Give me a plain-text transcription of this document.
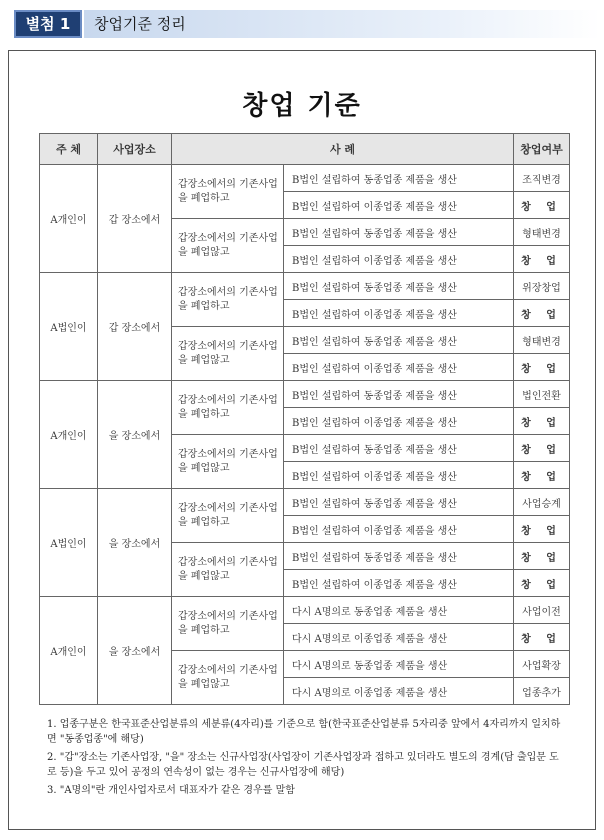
별첨 1	창업기준 정리
창업 기준
주 체	사업장소	사 례		창업여부
A개인이	갑 장소에서	갑장소에서의 기존사업을 폐업하고	B법인 설립하여 동종업종 제품을 생산	조직변경
			B법인 설립하여 이종업종 제품을 생산	창 업
		갑장소에서의 기존사업을 폐업않고	B법인 설립하여 동종업종 제품을 생산	형태변경
			B법인 설립하여 이종업종 제품을 생산	창 업
A법인이	갑 장소에서	갑장소에서의 기존사업을 폐업하고	B법인 설립하여 동종업종 제품을 생산	위장창업
			B법인 설립하여 이종업종 제품을 생산	창 업
		갑장소에서의 기존사업을 폐업않고	B법인 설립하여 동종업종 제품을 생산	형태변경
			B법인 설립하여 이종업종 제품을 생산	창 업
A개인이	을 장소에서	갑장소에서의 기존사업을 폐업하고	B법인 설립하여 동종업종 제품을 생산	법인전환
			B법인 설립하여 이종업종 제품을 생산	창 업
		갑장소에서의 기존사업을 폐업않고	B법인 설립하여 동종업종 제품을 생산	창 업
			B법인 설립하여 이종업종 제품을 생산	창 업
A법인이	을 장소에서	갑장소에서의 기존사업을 폐업하고	B법인 설립하여 동종업종 제품을 생산	사업승계
			B법인 설립하여 이종업종 제품을 생산	창 업
		갑장소에서의 기존사업을 폐업않고	B법인 설립하여 동종업종 제품을 생산	창 업
			B법인 설립하여 이종업종 제품을 생산	창 업
A개인이	을 장소에서	갑장소에서의 기존사업을 폐업하고	다시 A명의로 동종업종 제품을 생산	사업이전
			다시 A명의로 이종업종 제품을 생산	창 업
		갑장소에서의 기존사업을 폐업않고	다시 A명의로 동종업종 제품을 생산	사업확장
			다시 A명의로 이종업종 제품을 생산	업종추가
1. 업종구분은 한국표준산업분류의 세분류(4자리)를 기준으로 함(한국표준산업분류 5자리중 앞에서 4자리까지 일치하면 "동종업종"에 해당)
2. "갑"장소는 기존사업장, "을" 장소는 신규사업장(사업장이 기존사업장과 접하고 있더라도 별도의 경계(담 출입문 도로 등)을 두고 있어 공정의 연속성이 없는 경우는 신규사업장에 해당)
3. "A명의"란 개인사업자로서 대표자가 같은 경우를 말함
